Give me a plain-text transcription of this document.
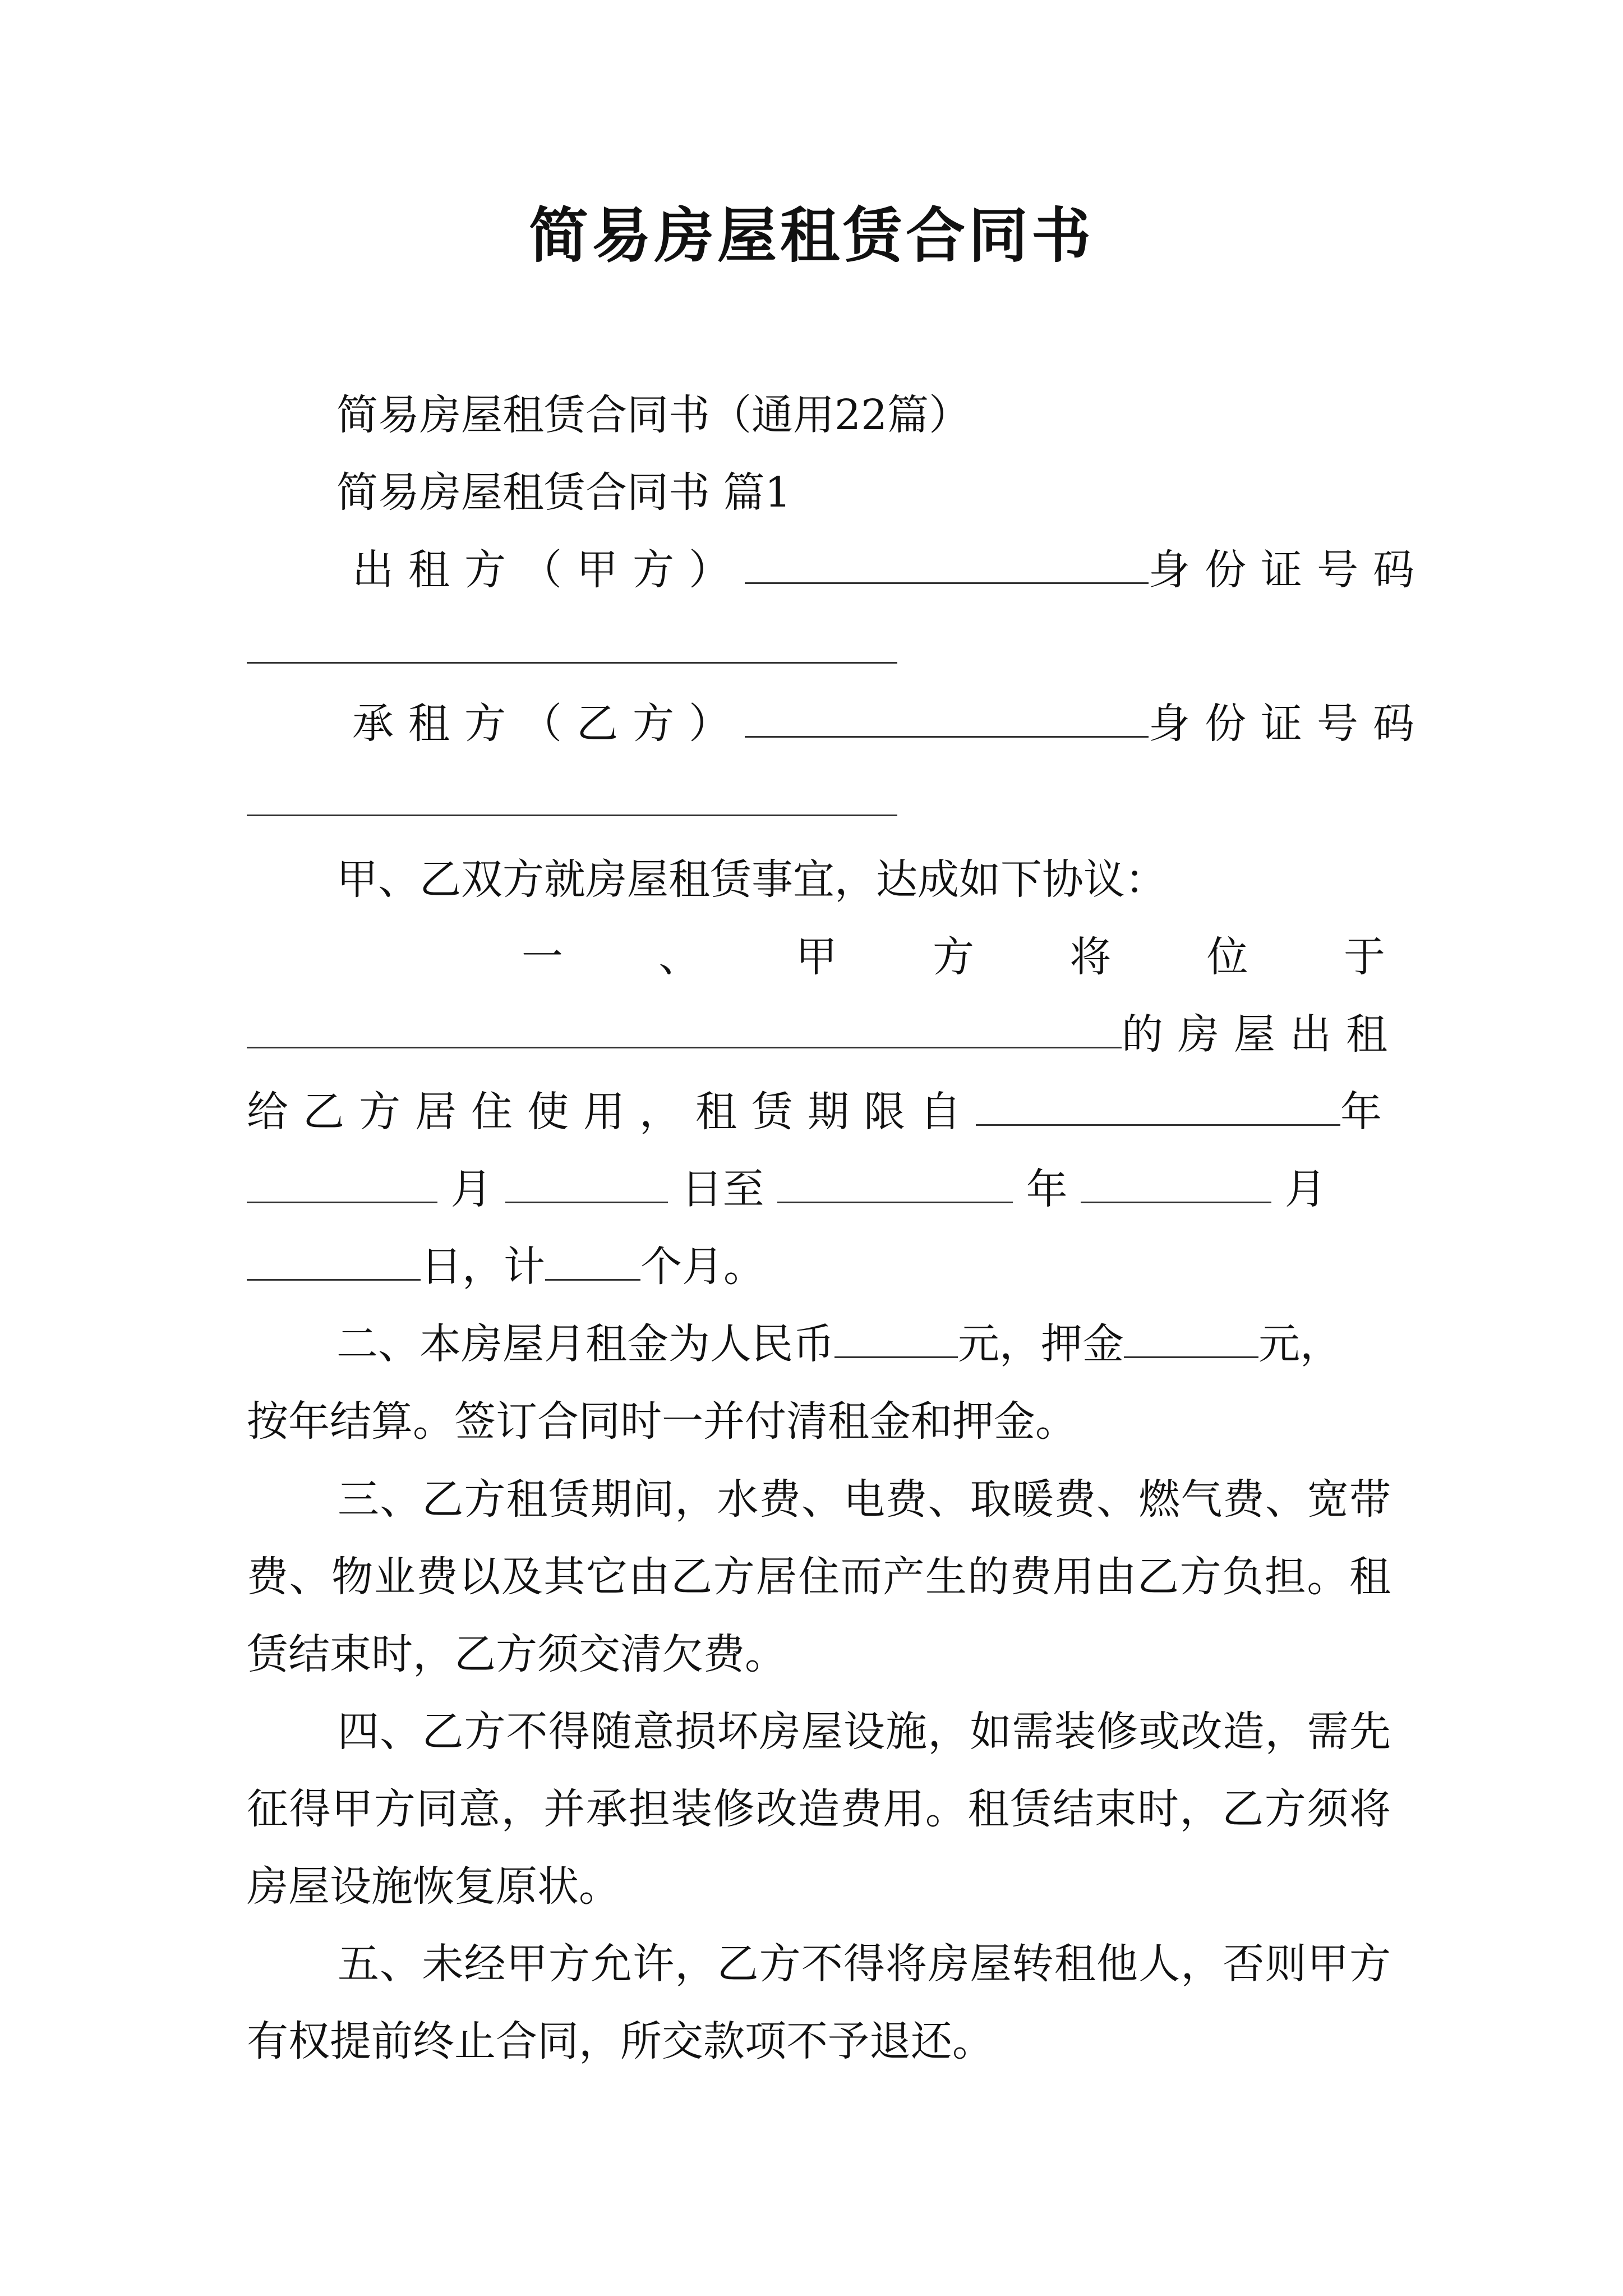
简易房屋租赁合同书
简易房屋租赁合同书（通用22篇）
简易房屋租赁合同书 篇1
出租方（甲方）	身份证号码
承租方（乙方）	身份证号码
甲、乙双方就房屋租赁事宜，达成如下协议：
一 、 甲 方 将 位 于
的房屋出租
给乙方居住使用，租赁期限自	年
月	日至	年	月
日，计 个月。
二、本房屋月租金为人民币	元，押金	元，
按年结算。签订合同时一并付清租金和押金。
三、乙方租赁期间，水费、电费、取暖费、燃气费、宽带费、物业费以及其它由乙方居住而产生的费用由乙方负担。租赁结束时，乙方须交清欠费。
四、乙方不得随意损坏房屋设施，如需装修或改造，需先征得甲方同意，并承担装修改造费用。租赁结束时，乙方须将房屋设施恢复原状。
五、未经甲方允许，乙方不得将房屋转租他人，否则甲方有权提前终止合同，所交款项不予退还。
